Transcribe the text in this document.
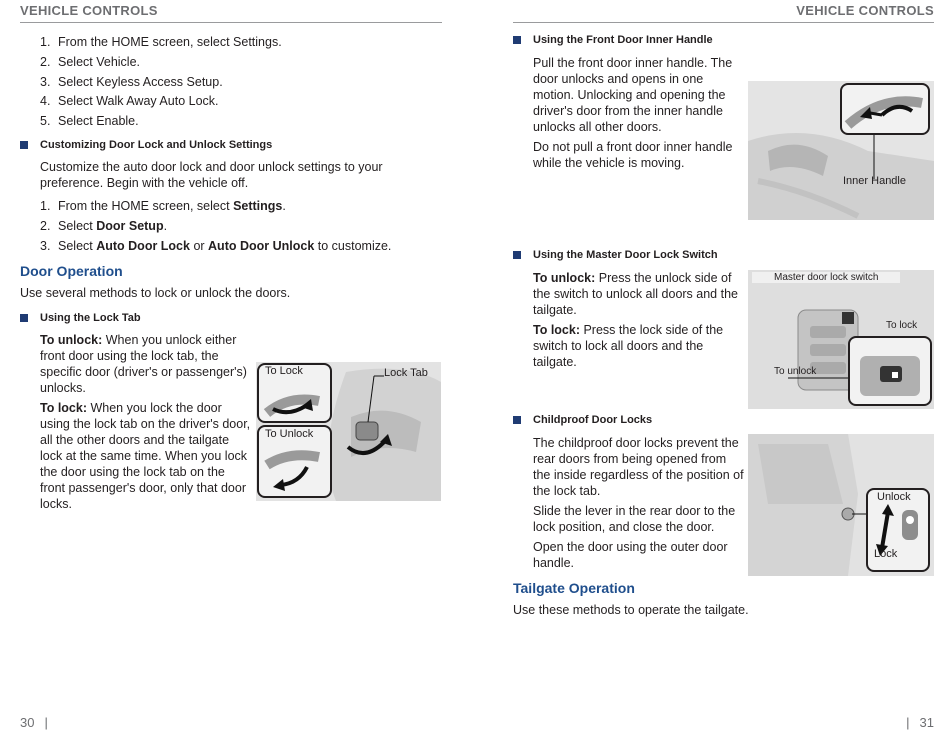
VEHICLE CONTROLS	VEHICLE CONTROLS
1. From the HOME screen, select Settings.
2. Select Vehicle.
3. Select Keyless Access Setup.
4. Select Walk Away Auto Lock.
5. Select Enable.
Customizing Door Lock and Unlock Settings

Customize the auto door lock and door unlock settings to your preference. Begin with the vehicle off.

1. From the HOME screen, select Settings.
2. Select Door Setup.
3. Select Auto Door Lock or Auto Door Unlock to customize.
Door Operation

Use several methods to lock or unlock the doors.

Using the Lock Tab

To unlock: When you unlock either front door using the lock tab, the specific door (driver's or passenger's) unlocks.

To lock: When you lock the door using the lock tab on the driver's door, all the other doors and the tailgate lock at the same time. When you lock the door using the lock tab on the front passenger's door, only that door locks.

To Lock
To Unlock
Lock Tab
Using the Front Door Inner Handle

Pull the front door inner handle. The door unlocks and opens in one motion. Unlocking and opening the driver's door from the inner handle unlocks all other doors.

Do not pull a front door inner handle while the vehicle is moving.

Using the Master Door Lock Switch

To unlock: Press the unlock side of the switch to unlock all doors and the tailgate.

To lock: Press the lock side of the switch to lock all doors and the tailgate.

Childproof Door Locks

The childproof door locks prevent the rear doors from being opened from the inside regardless of the position of the lock tab.

Slide the lever in the rear door to the lock position, and close the door.

Open the door using the outer door handle.

Tailgate Operation

Use these methods to operate the tailgate.

Inner Handle
Master door lock switch
To lock
To unlock
Unlock
Lock
30 |	| 31
